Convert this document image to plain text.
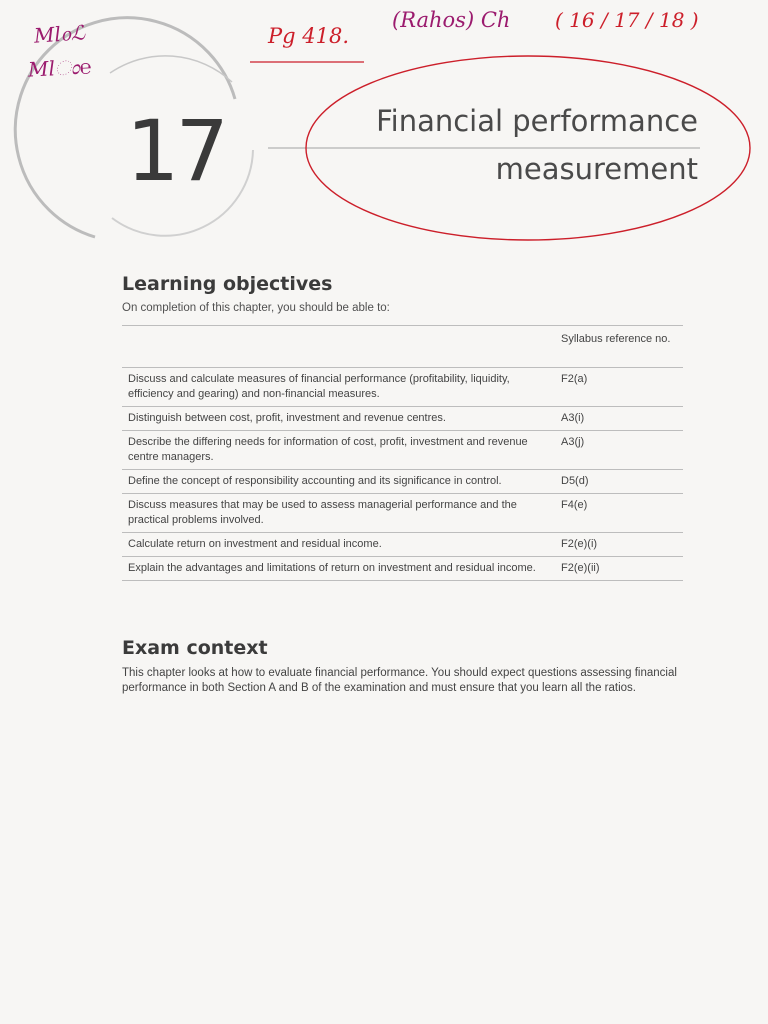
Ml᧐ℒ
Mlಂ℮
Pg 418.
(Rahos) Ch ( 16 / 17 / 18 )
17	Financial performance
measurement
Learning objectives
On completion of this chapter, you should be able to:
	Syllabus reference no.
Discuss and calculate measures of financial performance (profitability, liquidity, efficiency and gearing) and non-financial measures.	F2(a)
Distinguish between cost, profit, investment and revenue centres.	A3(i)
Describe the differing needs for information of cost, profit, investment and revenue centre managers.	A3(j)
Define the concept of responsibility accounting and its significance in control.	D5(d)
Discuss measures that may be used to assess managerial performance and the practical problems involved.	F4(e)
Calculate return on investment and residual income.	F2(e)(i)
Explain the advantages and limitations of return on investment and residual income.	F2(e)(ii)
Exam context
This chapter looks at how to evaluate financial performance. You should expect questions assessing financial performance in both Section A and B of the examination and must ensure that you learn all the ratios.
